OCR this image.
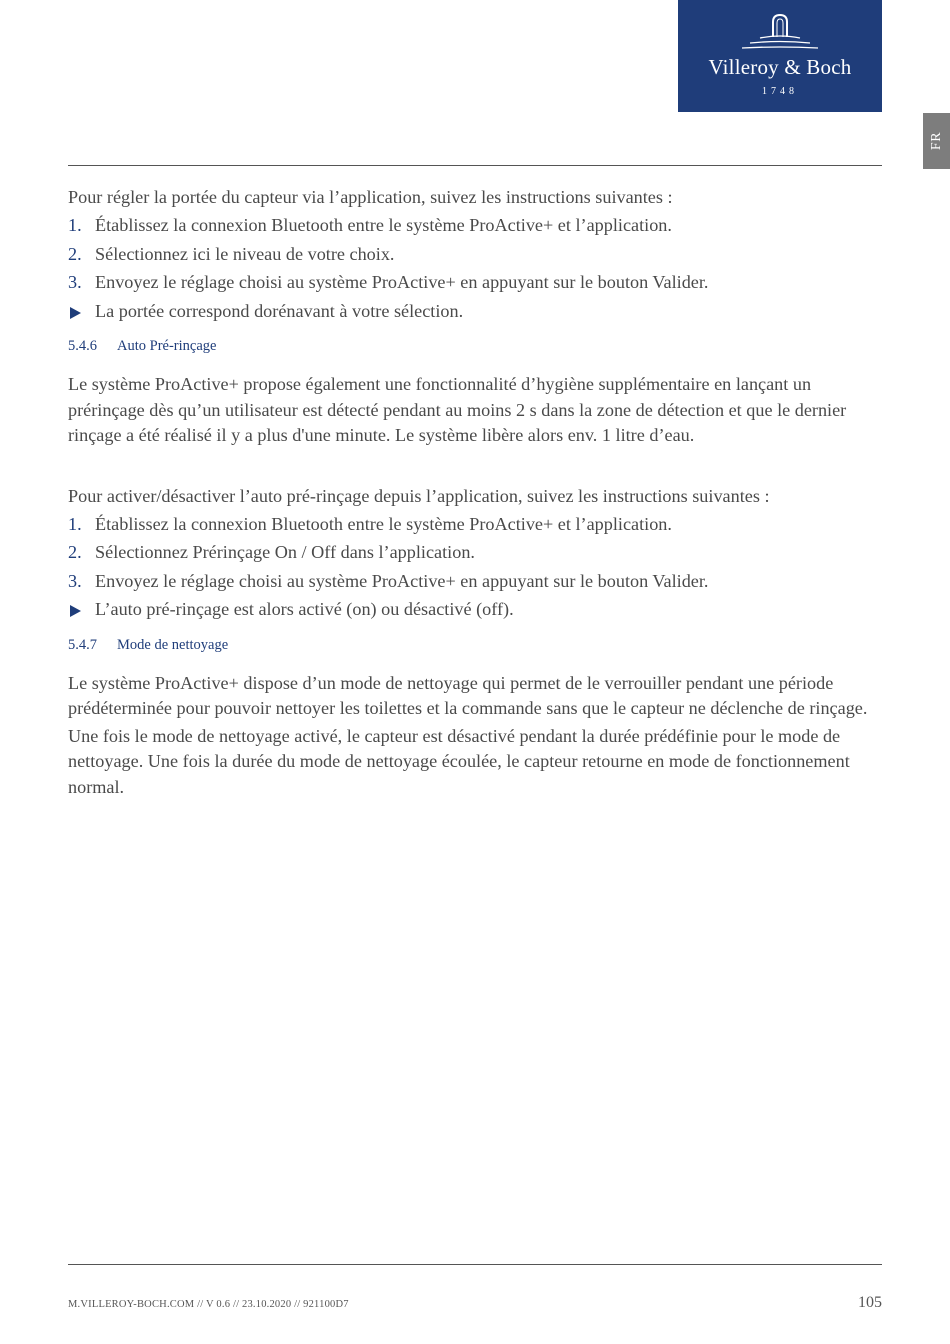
Villeroy & Boch
1748
FR

Pour régler la portée du capteur via l’application, suivez les instructions suivantes :

1. Établissez la connexion Bluetooth entre le système ProActive+ et l’application.
2. Sélectionnez ici le niveau de votre choix.
3. Envoyez le réglage choisi au système ProActive+ en appuyant sur le bouton Valider.
La portée correspond dorénavant à votre sélection.

5.4.6 Auto Pré-rinçage

Le système ProActive+ propose également une fonctionnalité d’hygiène supplémentaire en lançant un prérinçage dès qu’un utilisateur est détecté pendant au moins 2 s dans la zone de détection et que le dernier rinçage a été réalisé il y a plus d'une minute. Le système libère alors env. 1 litre d’eau.

Pour activer/désactiver l’auto pré-rinçage depuis l’application, suivez les instructions suivantes :

1. Établissez la connexion Bluetooth entre le système ProActive+ et l’application.
2. Sélectionnez Prérinçage On / Off dans l’application.
3. Envoyez le réglage choisi au système ProActive+ en appuyant sur le bouton Valider.
L’auto pré-rinçage est alors activé (on) ou désactivé (off).

5.4.7 Mode de nettoyage

Le système ProActive+ dispose d’un mode de nettoyage qui permet de le verrouiller pendant une période prédéterminée pour pouvoir nettoyer les toilettes et la commande sans que le capteur ne déclenche de rinçage.

Une fois le mode de nettoyage activé, le capteur est désactivé pendant la durée prédéfinie pour le mode de nettoyage. Une fois la durée du mode de nettoyage écoulée, le capteur retourne en mode de fonctionnement normal.

M.VILLEROY-BOCH.COM // V 0.6 // 23.10.2020 // 921100D7	105
